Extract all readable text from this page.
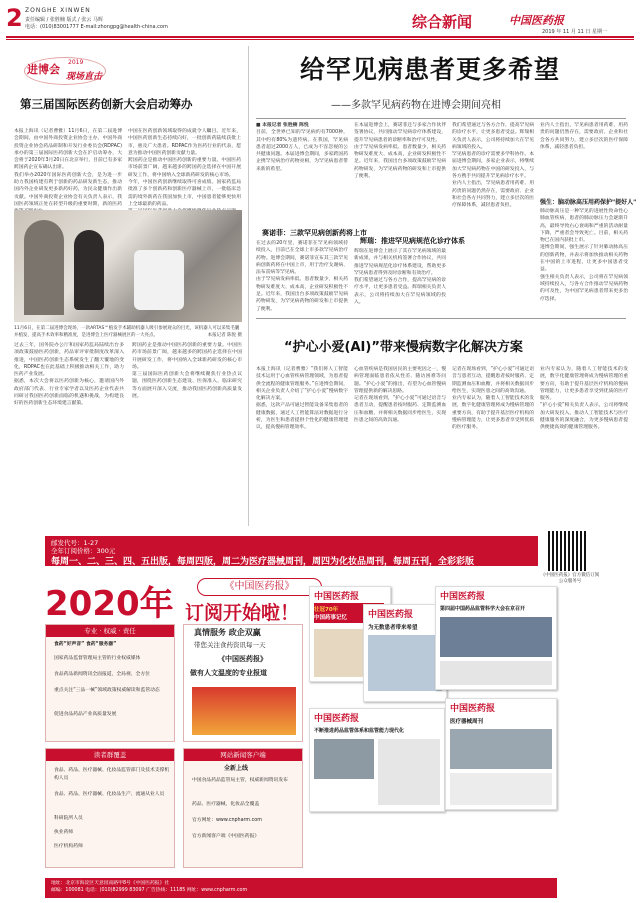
2 ZONGHE XINWEN
责任编辑 / 张胜楠 版式 / 张云 马辉
电话：(010)83001777 E-mail:zhongpg@health-china.com	综合新闻	中国医药报
2019 年 11 月 11 日 星期一
进博会
2019
现场直击
第三届国际医药创新大会启动筹办

本报上海讯（记者曹雅）11月6日，在第二届进博会期间，由中国外商投资企业协会主办，中国外商投资企业协会药品研制和开发行业委员会(RDPAC)承办的第三届国际医药创新大会在沪启动筹办，大会将于2020年3月20日在北京举行，目前已有多家跨国药企宣布确认出席。

我们举办2020年国际医药创新大会，是为进一步助力我国构建有利于创新的药品研发新生态，推动国内外企业研发更多新药好药，为民众健康作出新贡献。中国外商投资企业协会有关负责人表示，我国医药领域正处在转型升级的重要时期，新的医药

中国在医药创新领域取得的成就令人瞩目。近年来，中国医药创新生态持续向好，一批创新药陆续获批上市，惠及广大患者。RDPAC作为医药行业的代表，愿意为推动中国医药创新贡献力量。

跨国药企是推动中国医药创新的重要力量。中国医药市场前景广阔，越来越多的跨国药企选择在中国开展研发工作，将中国纳入全球新药研发的核心市场。

今年，中国医药创新继续取得可喜成绩。国家药监局批准了多个创新药和创新医疗器械上市，一批临床急需的境外新药在我国加快上市，中国患者能够更快用上全球最新的药品。

11月6日，在第二届进博会现场，一款ARTAS™植发手术辅助机器人吸引参展观众的目光，该机器人可以采集毛囊并植发，提高手术效率和精准度，是进博会上医疗器械展区的一大亮点。	本报记者 陈悦 摄

过去三年，国务院办公厅和国家药监局陆续出台多项政策鼓励医药创新，药品审评审批制度改革深入推进，中国医药创新生态系统发生了翻天覆地的变化，RDPAC也在此基础上积极推动相关工作，助力医药产业发展。

据悉，本次大会将以医药创新为核心，邀请国内外政府部门代表、行业专家学者以及医药企业代表共同研讨我国医药创新面临的机遇和挑战，为构建良好的医药创新生态环境建言献策。

跨国药企是推动中国医药创新的重要力量。中国医药市场前景广阔，越来越多的跨国药企选择在中国开展研发工作，将中国纳入全球新药研发的核心市场。

第三届国际医药创新大会将继续聚焦行业热点议题，围绕医药创新生态建设、医保准入、临床研究等方面展开深入交流，推动我国医药创新高质量发展。

给罕见病患者更多希望
——多款罕见病药物在进博会期间亮相

■ 本报记者 张胜楠 陈悦

目前，全世界已知的罕见病约有7000种，其中约有80%为遗传病。在我国，罕见病患者超过2000万人，已成为不容忽视的公共健康问题。本届进博会期间，多家跨国药企携罕见病治疗药物亮相，为罕见病患者带来新的希望。

赛诺菲：三款罕见病创新药将上市

在过去的20年里，赛诺菲在罕见病领域持续投入，目前已在全球上市多款罕见病治疗药物。进博会期间，赛诺菲宣布其三款罕见病创新药将在中国上市，用于治疗戈谢病、法布雷病等罕见病。

由于罕见病发病率低、患者数量少，相关药物研发难度大、成本高，企业研发积极性不足。近年来，我国出台多项政策鼓励罕见病药物研发，为罕见病药物的研发和上市提供了便利。

在本届进博会上，赛诺菲还与多家合作伙伴签署协议，共同推动罕见病诊疗体系建设，提升罕见病患者的诊断率和治疗可及性。

由于罕见病发病率低、患者数量少，相关药物研发难度大、成本高，企业研发积极性不足。近年来，我国出台多项政策鼓励罕见病药物研发，为罕见病药物的研发和上市提供了便利。

辉瑞：推进罕见病规范化诊疗体系

辉瑞在进博会上展示了其在罕见病领域的最新成果，并与相关机构签署合作协议，共同推进罕见病规范化诊疗体系建设，帮助更多罕见病患者得到及时诊断和有效治疗。

我们希望通过与各方合作，提高罕见病的诊疗水平，让更多患者受益。辉瑞相关负责人表示，公司将持续加大在罕见病领域的投入。

我们希望通过与各方合作，提高罕见病的诊疗水平，让更多患者受益。辉瑞相关负责人表示，公司将持续加大在罕见病领域的投入。

罕见病患者的诊疗需要多学科协作。本届进博会期间，多家企业表示，将继续加大罕见病药物在中国的研发投入，与各方携手共同提升罕见病诊疗水平。

业内人士指出，罕见病患者用药难、用药贵的问题仍然存在，需要政府、企业和社会各方共同努力，建立多层次的医疗保障体系，减轻患者负担。

业内人士指出，罕见病患者用药难、用药贵的问题仍然存在，需要政府、企业和社会各方共同努力，建立多层次的医疗保障体系，减轻患者负担。

强生：脑动脉高压用药保护"提好人"

肺动脉高压是一种罕见的进展性致命性心肺血管疾病，患者的肺动脉压力会逐渐升高，最终导致右心衰竭和严重的活动耐量下降，严重者会导致死亡。目前，相关药物已在国内获批上市。

进博会期间，强生展示了针对肺动脉高压的创新药物，并表示将加快推动相关药物在中国的上市进程，让更多中国患者受益。

强生相关负责人表示，公司将在罕见病领域持续投入，与各方合作推动罕见病药物的可及性，为中国罕见病患者带来更多治疗选择。

“护心小爱(AI)”带来慢病数字化解决方案

本报上海讯（记者曹雅）“我们将人工智能技术运用于心血管疾病管理领域，为患者提供全流程的健康管理服务。”在进博会期间，相关企业负责人介绍了“护心小爱”慢病数字化解决方案。

据悉，这款产品可通过智能设备采集患者的健康数据，通过人工智能算法对数据进行分析，为医生和患者提供个性化的健康管理建议，提高慢病管理效率。

心血管疾病是我国居民的主要死因之一，慢病管理面临患者依从性差、随访困难等问题。“护心小爱”的推出，有望为心血管慢病管理提供新的解决思路。

记者在现场看到，“护心小爱”可通过语音与患者互动，提醒患者按时服药、定期监测血压和血糖，并将相关数据同步给医生，实现医患之间的高效沟通。

记者在现场看到，“护心小爱”可通过语音与患者互动，提醒患者按时服药、定期监测血压和血糖，并将相关数据同步给医生，实现医患之间的高效沟通。

业内专家认为，随着人工智能技术的发展，数字化健康管理将成为慢病管理的重要方向，有助于提升基层医疗机构的慢病管理能力，让更多患者享受到优质的医疗服务。

业内专家认为，随着人工智能技术的发展，数字化健康管理将成为慢病管理的重要方向，有助于提升基层医疗机构的慢病管理能力，让更多患者享受到优质的医疗服务。

“护心小爱”相关负责人表示，公司将继续加大研发投入，推动人工智能技术与医疗健康服务的深度融合，为更多慢病患者提供便捷高效的健康管理服务。

邮发代号：1-27
全年订阅价格：300元
每周一、二、三、四、五出版，每周四版，周二为医疗器械周刊，周四为化妆品周刊，每周五刊，全彩彩版
《中国医药报》官方微信订阅公众服务号
2020年	《中国医药报》
订阅开始啦！
专业 · 权威 · 责任
食药“好声音” 食药“服务器”
国家药品监督管理局主管的行业权威媒体
食品药品新闻资讯全面报道，全局视、全方位
重点关注“三品一械”领域政策权威解读和监管动态
促进食品药品产业高质量发展
读者群覆盖
食品、药品、医疗器械、化妆品监管部门及技术支撑机构人员
食品、药品、医疗器械、化妆品生产、流通从业人员
科研院所人员
执业药师
医疗机构药师
真情服务 政企双赢
带您关注食药资讯每一天
《中国医药报》
做有人文温度的专业报道
网站新闻客户端
全新上线
中国食品药品监管局主管，权威新闻资讯发布
药品、医疗器械、化妆品全覆盖
官方网址：www.cnpharm.com
官方新闻客户端《中国医药报》
中国医药报
壮冠70年
中国药事记忆 中国医药报
为无数患者带来希望
中国医药报
第四届中国药品监管科学大会在京召开
中国医药报
不断推进药品监管体系和监管能力现代化
中国医药报
医疗器械周刊
地址：北京市海淀区天意园南路甲8号《中国医药报》社
邮编：100081 电话：(010)82999 83097 广告热线：11185 网址：www.cnpharm.com
